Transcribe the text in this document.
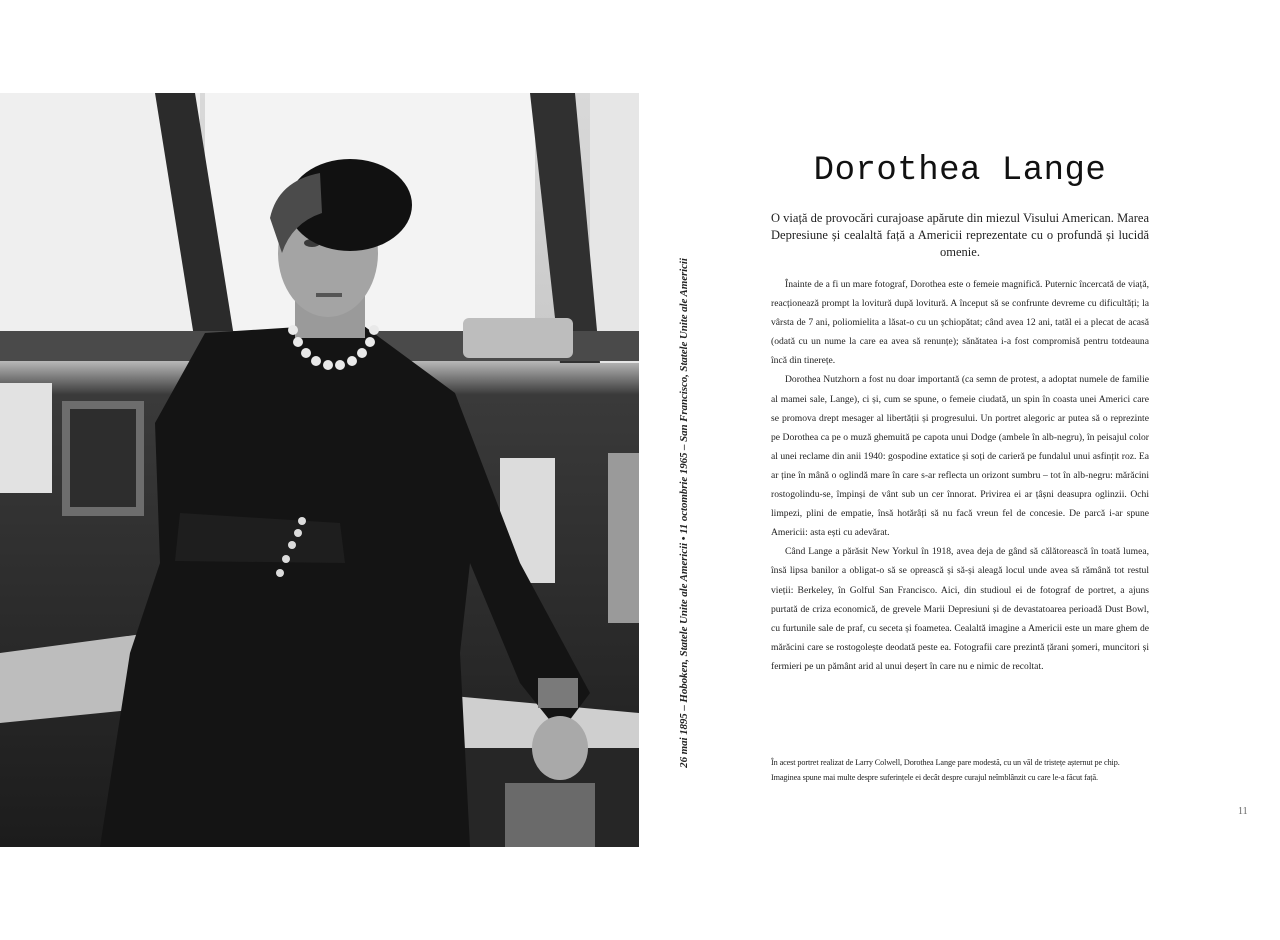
26 mai 1895 – Hoboken, Statele Unite ale Americii • 11 octombrie 1965 – San Francisco, Statele Unite ale Americii
Dorothea Lange

O viață de provocări curajoase apărute din miezul Visului American. Marea Depresiune și cealaltă față a Americii reprezentate cu o profundă și lucidă omenie.

Înainte de a fi un mare fotograf, Dorothea este o femeie magnifică. Puternic încercată de viață, reacționează prompt la lovitură după lovitură. A început să se confrunte devreme cu dificultăți; la vârsta de 7 ani, poliomielita a lăsat-o cu un șchiopătat; când avea 12 ani, tatăl ei a plecat de acasă (odată cu un nume la care ea avea să renunțe); sănătatea i-a fost compromisă pentru totdeauna încă din tinerețe.

Dorothea Nutzhorn a fost nu doar importantă (ca semn de protest, a adoptat numele de familie al mamei sale, Lange), ci și, cum se spune, o femeie ciudată, un spin în coasta unei Americi care se promova drept mesager al libertății și progresului. Un portret alegoric ar putea să o reprezinte pe Dorothea ca pe o muză ghemuită pe capota unui Dodge (ambele în alb-negru), în peisajul color al unei reclame din anii 1940: gospodine extatice și soți de carieră pe fundalul unui asfințit roz. Ea ar ține în mână o oglindă mare în care s-ar reflecta un orizont sumbru – tot în alb-negru: mărăcini rostogolindu-se, împinși de vânt sub un cer înnorat. Privirea ei ar țâșni deasupra oglinzii. Ochi limpezi, plini de empatie, însă hotărâți să nu facă vreun fel de concesie. De parcă i-ar spune Americii: asta ești cu adevărat.

Când Lange a părăsit New Yorkul în 1918, avea deja de gând să călătorească în toată lumea, însă lipsa banilor a obligat-o să se oprească și să-și aleagă locul unde avea să rămână tot restul vieții: Berkeley, în Golful San Francisco. Aici, din studioul ei de fotograf de portret, a ajuns purtată de criza economică, de grevele Marii Depresiuni și de devastatoarea perioadă Dust Bowl, cu furtunile sale de praf, cu seceta și foametea. Cealaltă imagine a Americii este un mare ghem de mărăcini care se rostogolește deodată peste ea. Fotografii care prezintă țărani șomeri, muncitori și fermieri pe un pământ arid al unui deșert în care nu e nimic de recoltat.

În acest portret realizat de Larry Colwell, Dorothea Lange pare modestă, cu un văl de tristețe așternut pe chip. Imaginea spune mai multe despre suferințele ei decât despre curajul neîmblânzit cu care le-a făcut față.

11
